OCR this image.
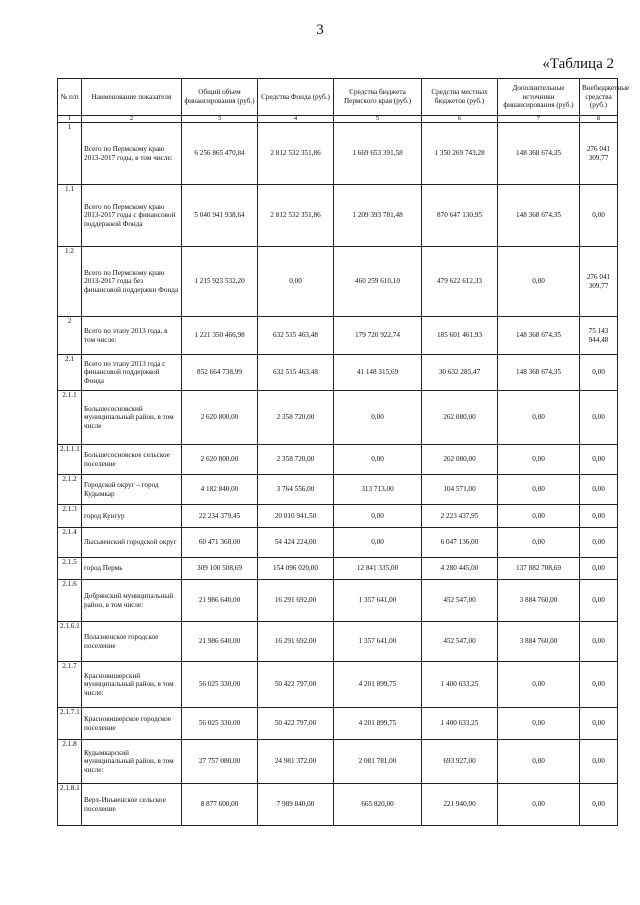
3
«Таблица 2
№ п/п	Наименование показателя	Общий объем финансирования (руб.)	Средства Фонда (руб.)	Средства бюджета Пермского края (руб.)	Средства местных бюджетов (руб.)	Дополнительные источники финансирования (руб.)	Внебюджетные средства (руб.)
1	2	3	4	5	6	7	8
1	Всего по Пермскому краю 2013-2017 годы, в том числе:	6 256 865 470,84	2 812 532 351,86	1 669 653 391,58	1 350 269 743,28	148 368 674,35	276 041 309,77
1.1	Всего по Пермскому краю 2013-2017 годы с финансовой поддержкой Фонда	5 040 941 938,64	2 812 532 351,86	1 209 393 781,48	870 647 130,95	148 368 674,35	0,00
1.2	Всего по Пермскому краю 2013-2017 годы без финансовой поддержки Фонда	1 215 923 532,20	0,00	460 259 610,10	479 622 612,33	0,00	276 041 309,77
2	Всего по этапу 2013 года, в том числе:	1 221 350 466,98	632 515 463,48	179 720 922,74	185 601 461,93	148 368 674,35	75 143 944,48
2.1	Всего по этапу 2013 года с финансовой поддержкой Фонда	852 664 738,99	632 515 463,48	41 148 315,69	30 632 285,47	148 368 674,35	0,00
2.1.1	Большесосновский муниципальный район, в том числе	2 620 800,00	2 358 720,00	0,00	262 080,00	0,00	0,00
2.1.1.1	Большесосновское сельское поселение	2 620 800,00	2 358 720,00	0,00	262 080,00	0,00	0,00
2.1.2	Городской округ – город Кудымкар	4 182 840,00	3 764 556,00	313 713,00	104 571,00	0,00	0,00
2.1.3	город Кунгур	22 234 379,45	20 010 941,50	0,00	2 223 437,95	0,00	0,00
2.1.4	Лысьвенский городской округ	60 471 360,00	54 424 224,00	0,00	6 047 136,00	0,00	0,00
2.1.5	город Пермь	309 100 508,69	154 096 020,00	12 841 335,00	4 280 445,00	137 882 708,69	0,00
2.1.6	Добрянский муниципальный район, в том числе:	21 986 640,00	16 291 692,00	1 357 641,00	452 547,00	3 884 760,00	0,00
2.1.6.1	Полазненское городское поселение	21 986 640,00	16 291 692,00	1 357 641,00	452 547,00	3 884 760,00	0,00
2.1.7	Красновишерский муниципальный район, в том числе:	56 025 330,00	50 422 797,00	4 201 899,75	1 400 633,25	0,00	0,00
2.1.7.1	Красновишерское городское поселение	56 025 330,00	50 422 797,00	4 201 899,75	1 400 633,25	0,00	0,00
2.1.8	Кудымкарский муниципальный район, в том числе:	27 757 080,00	24 981 372,00	2 081 781,00	693 927,00	0,00	0,00
2.1.8.1	Верх-Иньвенское сельское поселение	8 877 600,00	7 989 840,00	665 820,00	221 940,00	0,00	0,00
